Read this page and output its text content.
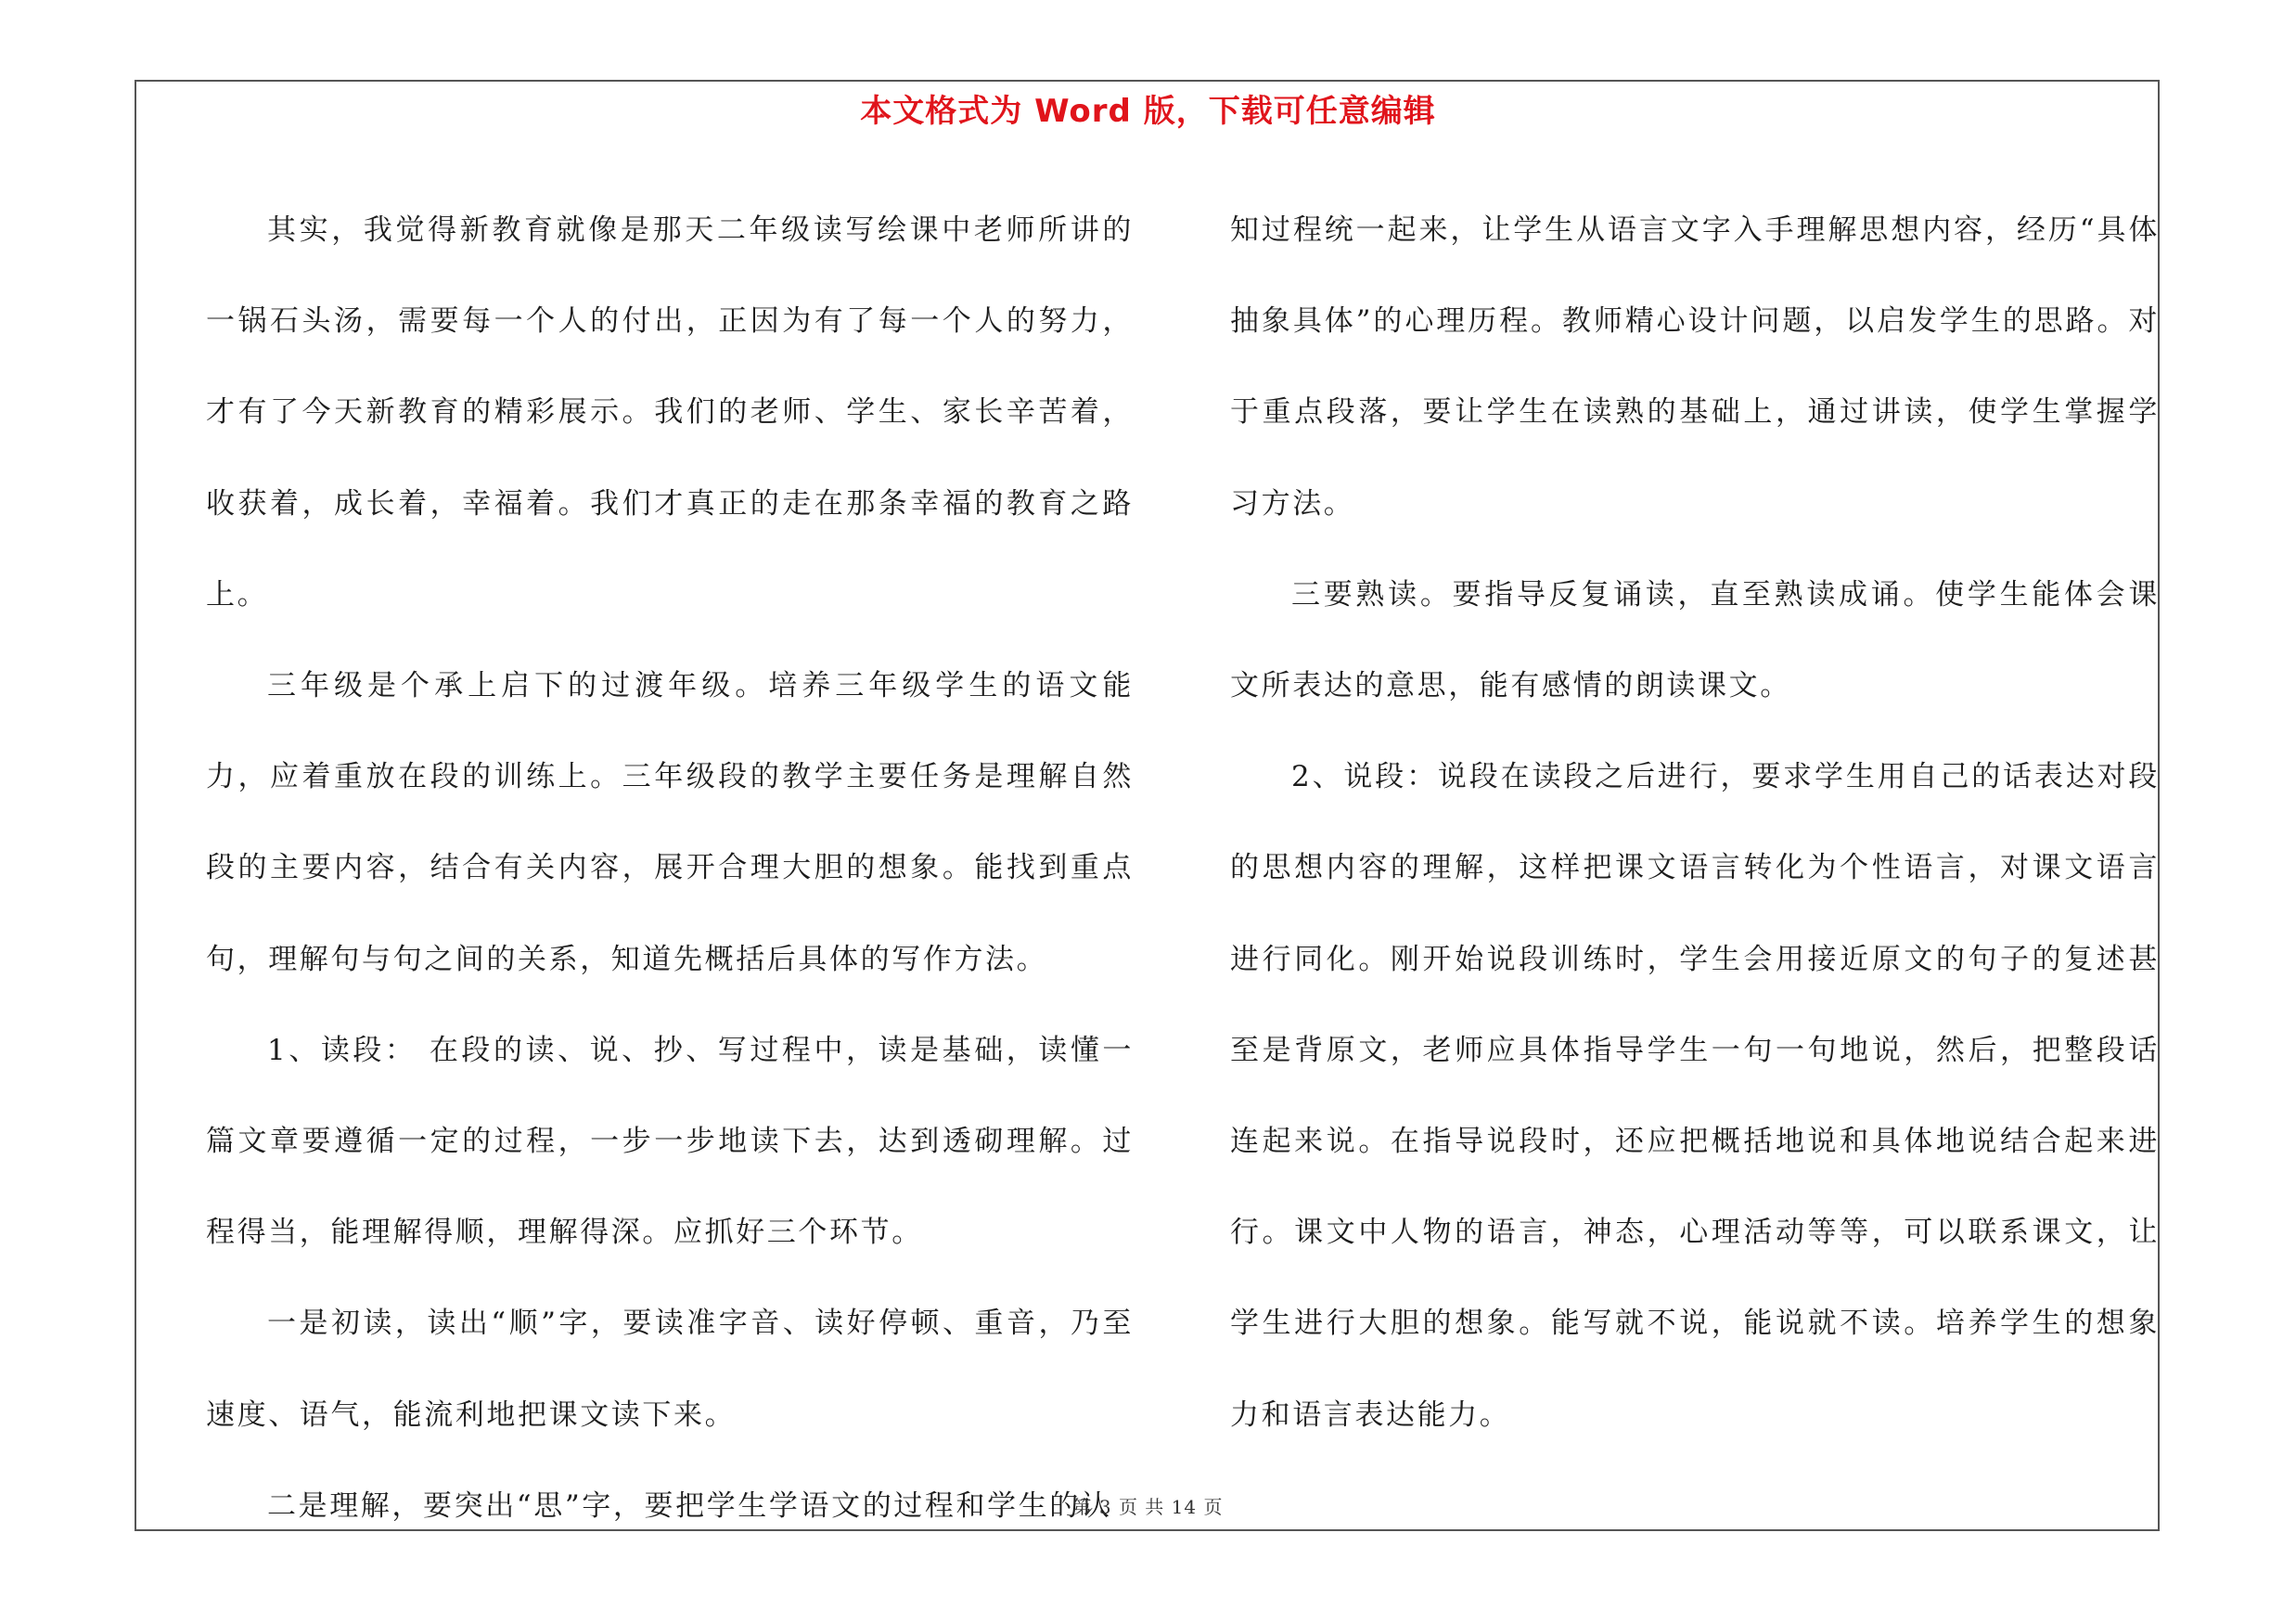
本文格式为 Word 版，下载可任意编辑

其实，我觉得新教育就像是那天二年级读写绘课中老师所讲的一锅石头汤，需要每一个人的付出，正因为有了每一个人的努力，才有了今天新教育的精彩展示。我们的老师、学生、家长辛苦着，收获着，成长着，幸福着。我们才真正的走在那条幸福的教育之路上。

三年级是个承上启下的过渡年级。培养三年级学生的语文能力，应着重放在段的训练上。三年级段的教学主要任务是理解自然段的主要内容，结合有关内容，展开合理大胆的想象。能找到重点句，理解句与句之间的关系，知道先概括后具体的写作方法。

1、读段： 在段的读、说、抄、写过程中，读是基础，读懂一篇文章要遵循一定的过程，一步一步地读下去，达到透砌理解。过程得当，能理解得顺，理解得深。应抓好三个环节。

一是初读，读出“顺”字，要读准字音、读好停顿、重音，乃至速度、语气，能流利地把课文读下来。

二是理解，要突出“思”字，要把学生学语文的过程和学生的认

知过程统一起来，让学生从语言文字入手理解思想内容，经历“具体抽象具体”的心理历程。教师精心设计问题，以启发学生的思路。对于重点段落，要让学生在读熟的基础上，通过讲读，使学生掌握学习方法。

三要熟读。要指导反复诵读，直至熟读成诵。使学生能体会课文所表达的意思，能有感情的朗读课文。

2、说段：说段在读段之后进行，要求学生用自己的话表达对段的思想内容的理解，这样把课文语言转化为个性语言，对课文语言进行同化。刚开始说段训练时，学生会用接近原文的句子的复述甚至是背原文，老师应具体指导学生一句一句地说，然后，把整段话连起来说。在指导说段时，还应把概括地说和具体地说结合起来进行。课文中人物的语言，神态，心理活动等等，可以联系课文，让学生进行大胆的想象。能写就不说，能说就不读。培养学生的想象力和语言表达能力。

第 3 页 共 14 页
